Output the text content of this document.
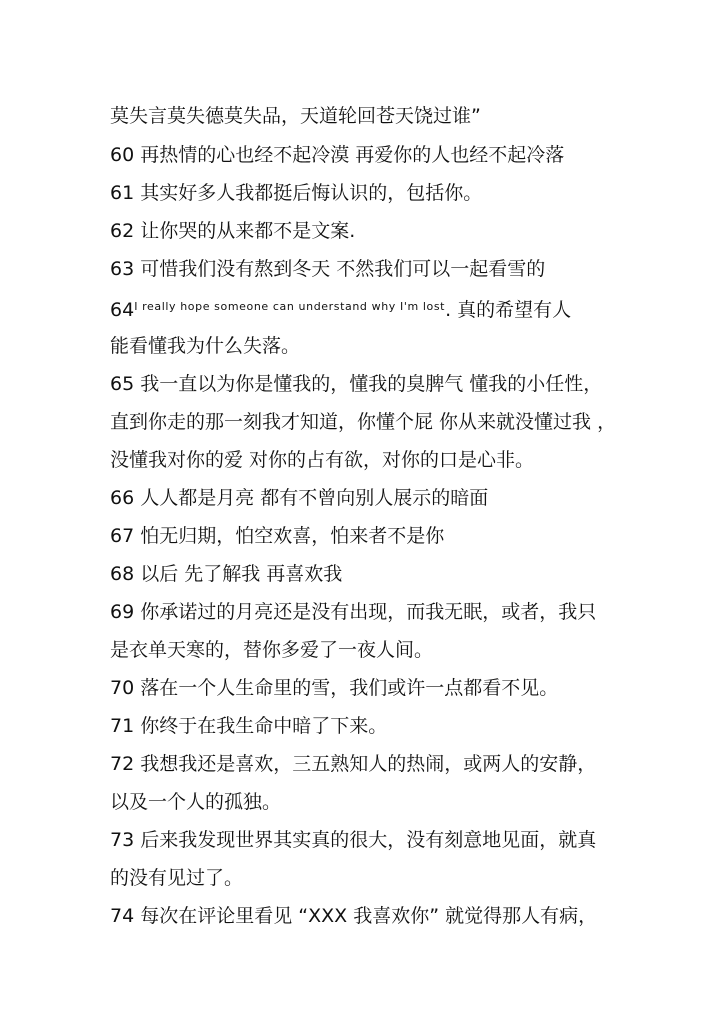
莫失言莫失德莫失品，天道轮回苍天饶过谁”
60 再热情的心也经不起冷漠 再爱你的人也经不起冷落
61 其实好多人我都挺后悔认识的，包括你。
62 让你哭的从来都不是文案.
63 可惜我们没有熬到冬天 不然我们可以一起看雪的
$64^{I really hope someone can understand why I'm lost}$. 真的希望有人
能看懂我为什么失落。
65 我一直以为你是懂我的，懂我的臭脾气 懂我的小任性，
直到你走的那一刻我才知道，你懂个屁 你从来就没懂过我 ，
没懂我对你的爱 对你的占有欲，对你的口是心非。
66 人人都是月亮 都有不曾向别人展示的暗面
67 怕无归期，怕空欢喜，怕来者不是你
68 以后 先了解我 再喜欢我
69 你承诺过的月亮还是没有出现，而我无眠，或者，我只
是衣单天寒的，替你多爱了一夜人间。
70 落在一个人生命里的雪，我们或许一点都看不见。
71 你终于在我生命中暗了下来。
72 我想我还是喜欢，三五熟知人的热闹，或两人的安静，
以及一个人的孤独。
73 后来我发现世界其实真的很大，没有刻意地见面，就真
的没有见过了。
74 每次在评论里看见 “XXX 我喜欢你” 就觉得那人有病，
